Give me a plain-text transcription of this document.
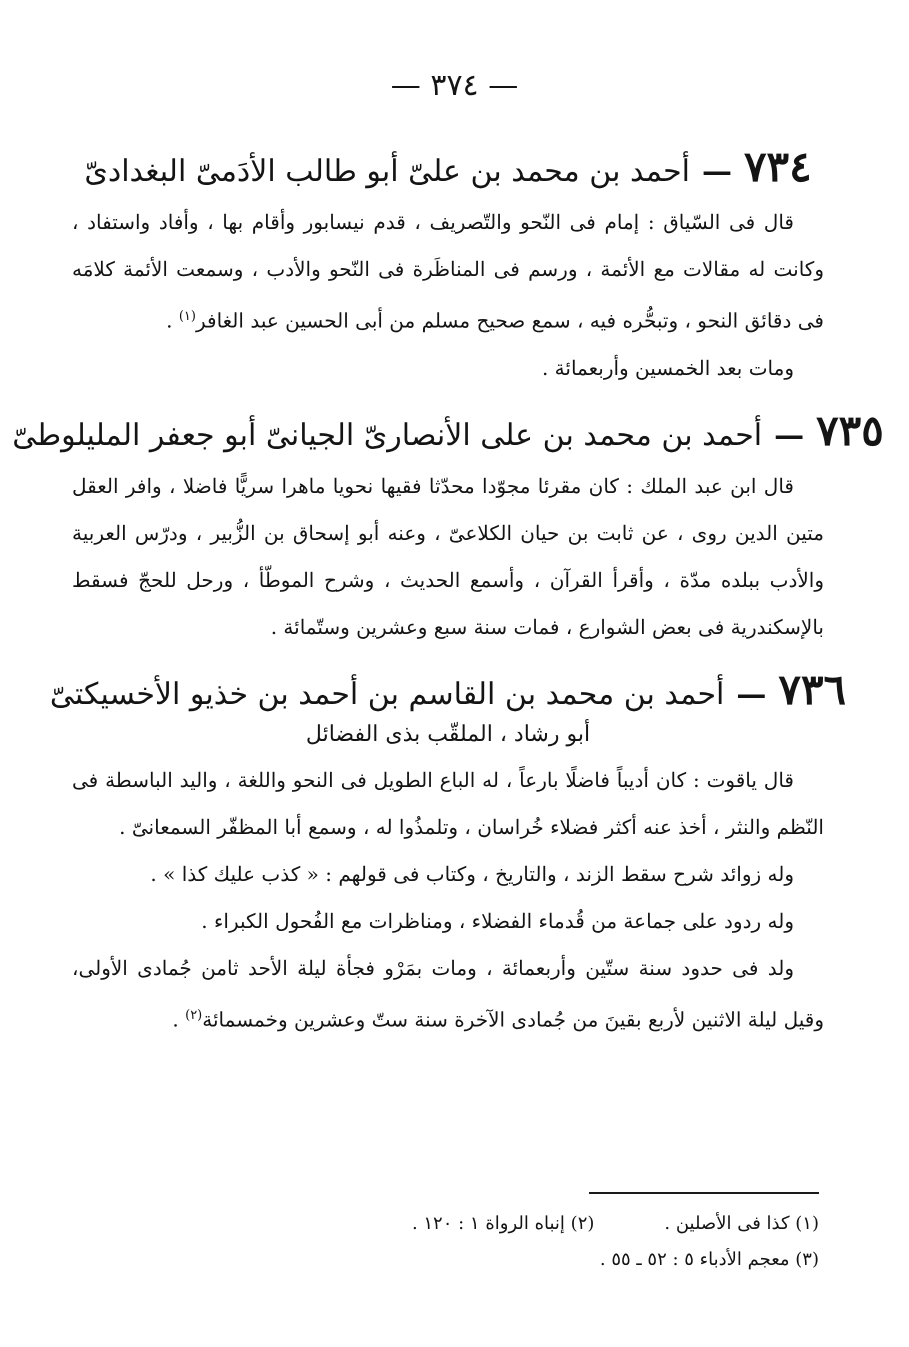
— ٣٧٤ —
٧٣٤
—
أحمد بن محمد بن علىّ أبو طالب الأدَمىّ البغدادىّ

قال فى السّياق : إمام فى النّحو والتّصريف ، قدم نيسابور وأقام بها ، وأفاد واستفاد ، وكانت له مقالات مع الأئمة ، ورسم فى المناظَرة فى النّحو والأدب ، وسمعت الأئمة كلامَه فى دقائق النحو ، وتبحُّره فيه ، سمع صحيح مسلم من أبى الحسين عبد الغافر$^{(١)}$ .

ومات بعد الخمسين وأربعمائة .

٧٣٥
—
أحمد بن محمد بن على الأنصارىّ الجيانىّ أبو جعفر المليلوطىّ

قال ابن عبد الملك : كان مقرئا مجوّدا محدّثا فقيها نحويا ماهرا سريًّا فاضلا ، وافر العقل متين الدين روى ، عن ثابت بن حيان الكلاعىّ ، وعنه أبو إسحاق بن الزُّبير ، ودرّس العربية والأدب ببلده مدّة ، وأقرأ القرآن ، وأسمع الحديث ، وشرح الموطّأ ، ورحل للحجّ فسقط بالإسكندرية فى بعض الشوارع ، فمات سنة سبع وعشرين وستّمائة .

٧٣٦
—
أحمد بن محمد بن القاسم بن أحمد بن خذيو الأخسيكتىّ
أبو رشاد ، الملقّب بذى الفضائل

قال ياقوت : كان أديباً فاضلًا بارعاً ، له الباع الطويل فى النحو واللغة ، واليد الباسطة فى النّظم والنثر ، أخذ عنه أكثر فضلاء خُراسان ، وتلمذُوا له ، وسمع أبا المظفّر السمعانىّ .

وله زوائد شرح سقط الزند ، والتاريخ ، وكتاب فى قولهم : « كذب عليك كذا » .

وله ردود على جماعة من قُدماء الفضلاء ، ومناظرات مع الفُحول الكبراء .

ولد فى حدود سنة ستّين وأربعمائة ، ومات بمَرْو فجأة ليلة الأحد ثامن جُمادى الأولى، وقيل ليلة الاثنين لأربع بقينَ من جُمادى الآخرة سنة ستّ وعشرين وخمسمائة$^{(٢)}$ .

(١) كذا فى الأصلين .
(٢) إنباه الرواة ١ : ١٢٠ .
(٣) معجم الأدباء ٥ : ٥٢ ـ ٥٥ .
